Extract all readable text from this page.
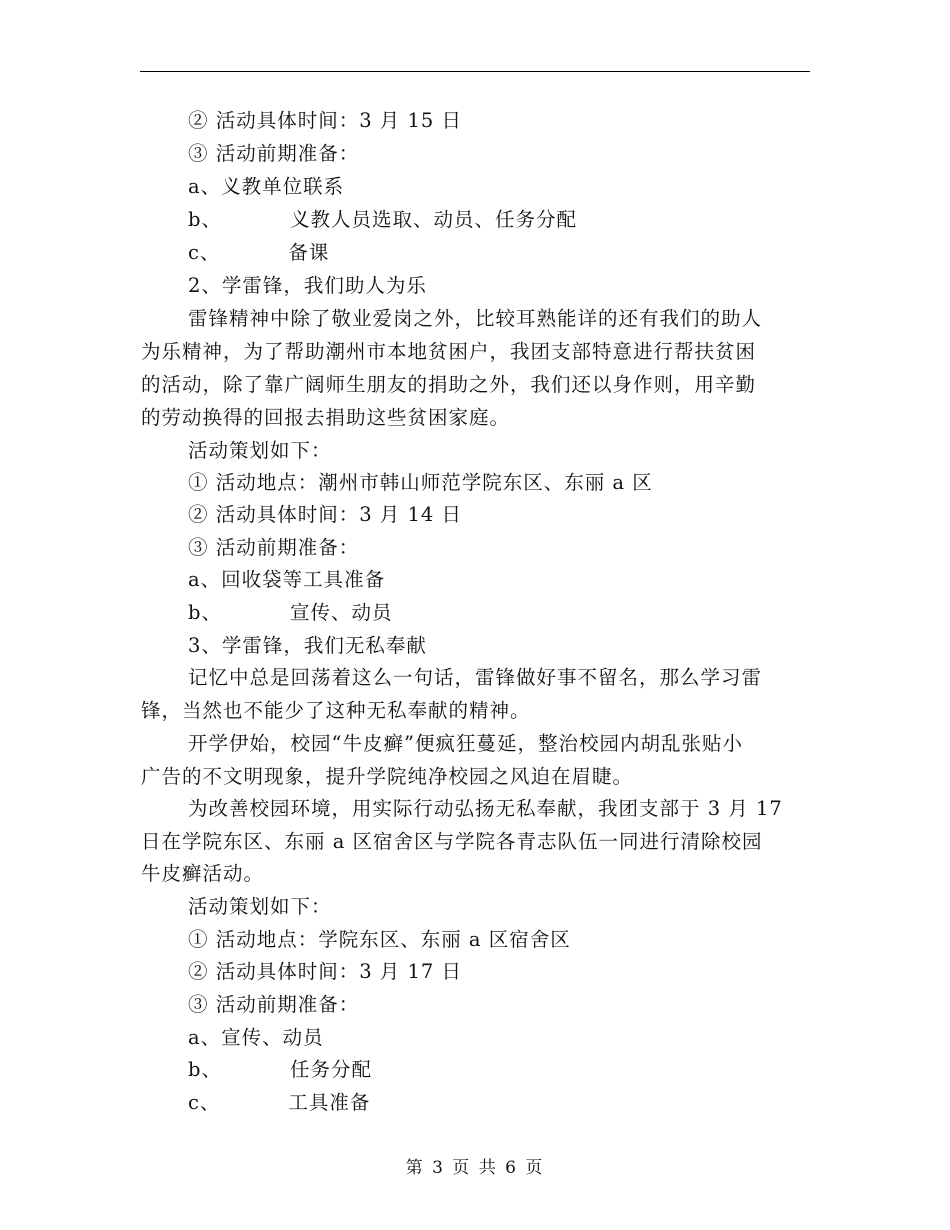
② 活动具体时间：3 月 15 日
③ 活动前期准备：
a、义教单位联系
b、	义教人员选取、动员、任务分配
c、	备课
2、学雷锋，我们助人为乐
雷锋精神中除了敬业爱岗之外，比较耳熟能详的还有我们的助人
为乐精神，为了帮助潮州市本地贫困户，我团支部特意进行帮扶贫困
的活动，除了靠广阔师生朋友的捐助之外，我们还以身作则，用辛勤
的劳动换得的回报去捐助这些贫困家庭。
活动策划如下：
① 活动地点：潮州市韩山师范学院东区、东丽 a 区
② 活动具体时间：3 月 14 日
③ 活动前期准备：
a、回收袋等工具准备
b、	宣传、动员
3、学雷锋，我们无私奉献
记忆中总是回荡着这么一句话，雷锋做好事不留名，那么学习雷
锋，当然也不能少了这种无私奉献的精神。
开学伊始，校园“牛皮癣”便疯狂蔓延，整治校园内胡乱张贴小
广告的不文明现象，提升学院纯净校园之风迫在眉睫。
为改善校园环境，用实际行动弘扬无私奉献，我团支部于 3 月 17
日在学院东区、东丽 a 区宿舍区与学院各青志队伍一同进行清除校园
牛皮癣活动。
活动策划如下：
① 活动地点：学院东区、东丽 a 区宿舍区
② 活动具体时间：3 月 17 日
③ 活动前期准备：
a、宣传、动员
b、	任务分配
c、	工具准备
第 3 页 共 6 页
